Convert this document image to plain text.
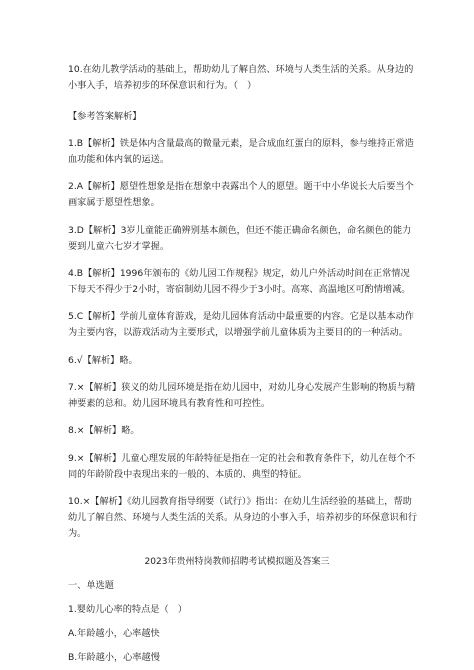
10.在幼儿教学活动的基础上，帮助幼儿了解自然、环境与人类生活的关系。从身边的小事入手，培养初步的环保意识和行为。（　）

【参考答案解析】

1.B【解析】铁是体内含量最高的微量元素，是合成血红蛋白的原料，参与维持正常造血功能和体内氧的运送。

2.A【解析】愿望性想象是指在想象中表露出个人的愿望。题干中小华说长大后要当个画家属于愿望性想象。

3.D【解析】3岁儿童能正确辨别基本颜色，但还不能正确命名颜色，命名颜色的能力要到儿童六七岁才掌握。

4.B【解析】1996年颁布的《幼儿园工作规程》规定，幼儿户外活动时间在正常情况下每天不得少于2小时，寄宿制幼儿园不得少于3小时。高寒、高温地区可酌情增减。

5.C【解析】学前儿童体育游戏，是幼儿园体育活动中最重要的内容。它是以基本动作为主要内容，以游戏活动为主要形式，以增强学前儿童体质为主要目的的一种活动。

6.√【解析】略。

7.×【解析】狭义的幼儿园环境是指在幼儿园中，对幼儿身心发展产生影响的物质与精神要素的总和。幼儿园环境具有教育性和可控性。

8.×【解析】略。

9.×【解析】儿童心理发展的年龄特征是指在一定的社会和教育条件下，幼儿在每个不同的年龄阶段中表现出来的一般的、本质的、典型的特征。

10.×【解析】《幼儿园教育指导纲要（试行）》指出：在幼儿生活经验的基础上，帮助幼儿了解自然、环境与人类生活的关系。从身边的小事入手，培养初步的环保意识和行为。

2023年贵州特岗教师招聘考试模拟题及答案三

一、单选题

1.婴幼儿心率的特点是（　）

A.年龄越小，心率越快

B.年龄越小，心率越慢
